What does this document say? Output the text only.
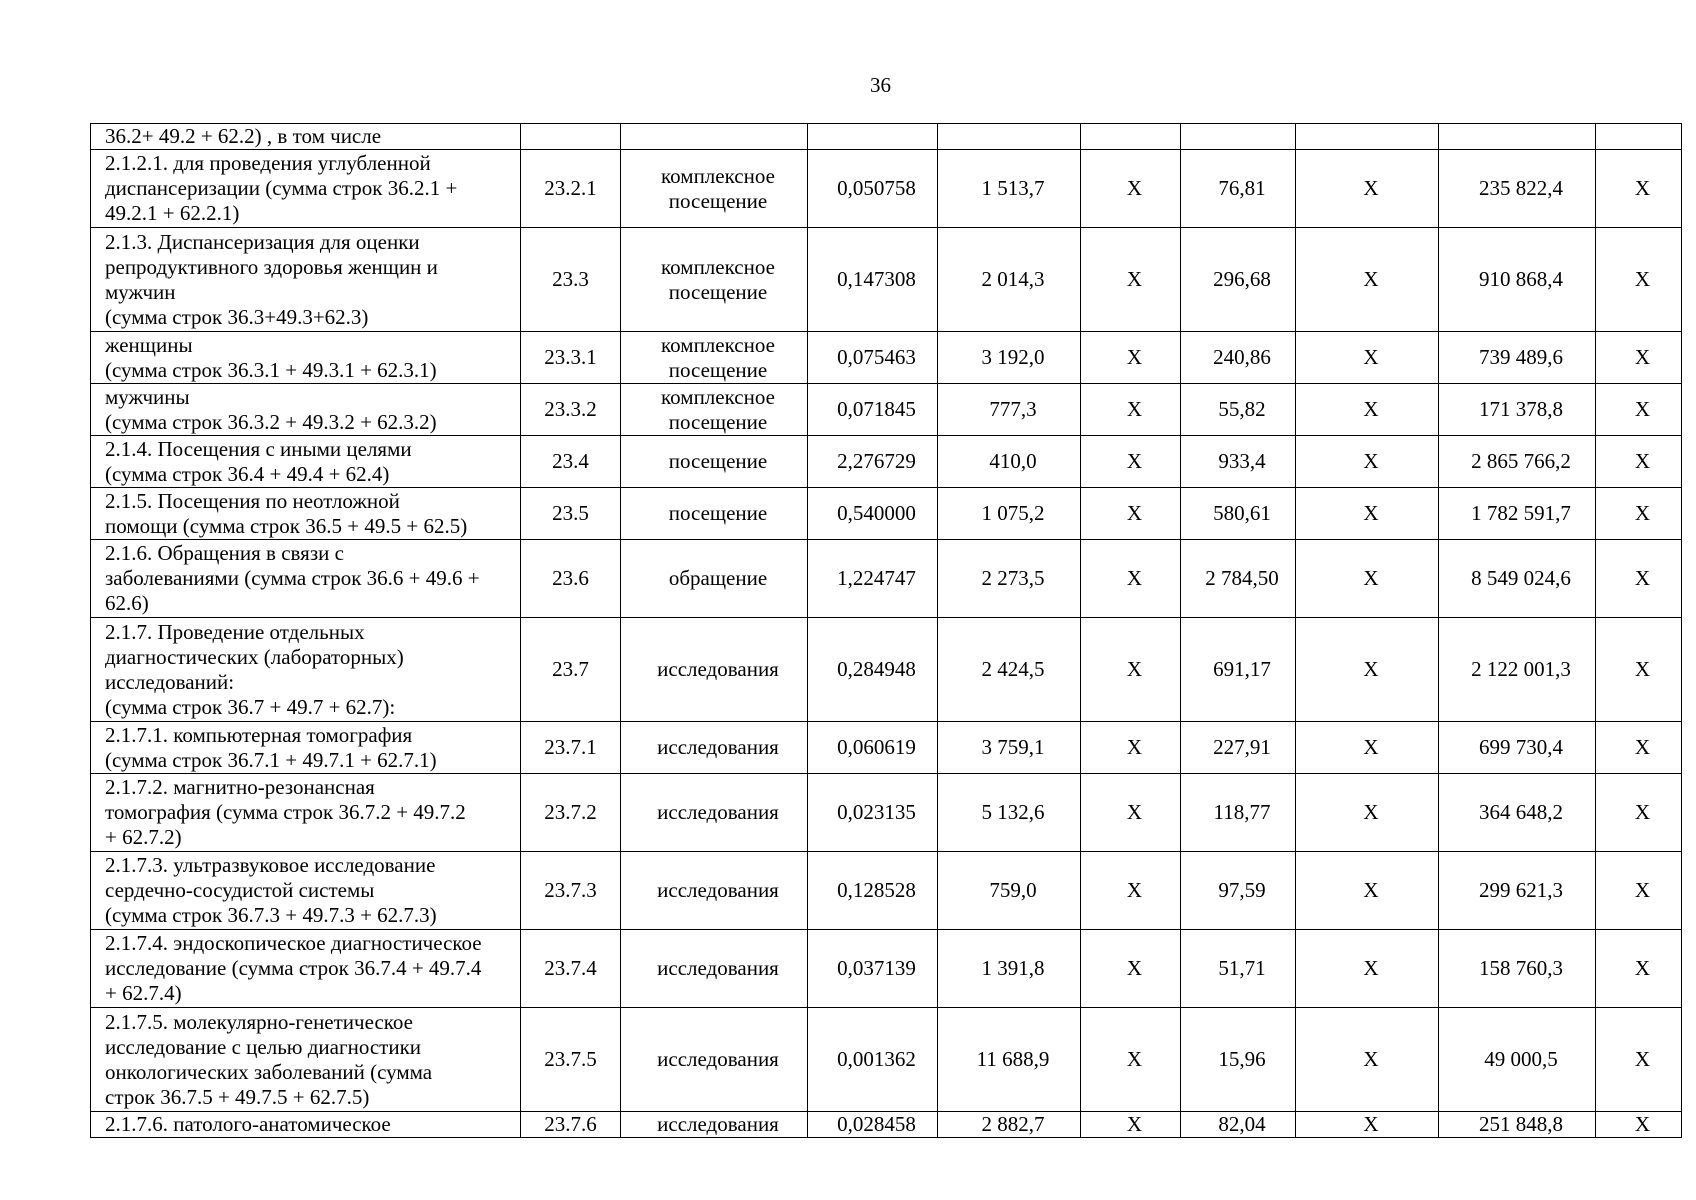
36
36.2+ 49.2 + 62.2) , в том числе									
2.1.2.1. для проведения углубленной
диспансеризации (сумма строк 36.2.1 +
49.2.1 + 62.2.1)	23.2.1	комплексное
посещение	0,050758	1 513,7	Х	76,81	Х	235 822,4	Х
2.1.3. Диспансеризация для оценки
репродуктивного здоровья женщин и
мужчин
(сумма строк 36.3+49.3+62.3)	23.3	комплексное
посещение	0,147308	2 014,3	Х	296,68	Х	910 868,4	Х
женщины
(сумма строк 36.3.1 + 49.3.1 + 62.3.1)	23.3.1	комплексное
посещение	0,075463	3 192,0	Х	240,86	Х	739 489,6	Х
мужчины
(сумма строк 36.3.2 + 49.3.2 + 62.3.2)	23.3.2	комплексное
посещение	0,071845	777,3	Х	55,82	Х	171 378,8	Х
2.1.4. Посещения с иными целями
(сумма строк 36.4 + 49.4 + 62.4)	23.4	посещение	2,276729	410,0	Х	933,4	Х	2 865 766,2	Х
2.1.5. Посещения по неотложной
помощи (сумма строк 36.5 + 49.5 + 62.5)	23.5	посещение	0,540000	1 075,2	Х	580,61	Х	1 782 591,7	Х
2.1.6. Обращения в связи с
заболеваниями (сумма строк 36.6 + 49.6 +
62.6)	23.6	обращение	1,224747	2 273,5	Х	2 784,50	Х	8 549 024,6	Х
2.1.7. Проведение отдельных
диагностических (лабораторных)
исследований:
(сумма строк 36.7 + 49.7 + 62.7):	23.7	исследования	0,284948	2 424,5	Х	691,17	Х	2 122 001,3	Х
2.1.7.1. компьютерная томография
(сумма строк 36.7.1 + 49.7.1 + 62.7.1)	23.7.1	исследования	0,060619	3 759,1	Х	227,91	Х	699 730,4	Х
2.1.7.2. магнитно-резонансная
томография (сумма строк 36.7.2 + 49.7.2
+ 62.7.2)	23.7.2	исследования	0,023135	5 132,6	Х	118,77	Х	364 648,2	Х
2.1.7.3. ультразвуковое исследование
сердечно-сосудистой системы
(сумма строк 36.7.3 + 49.7.3 + 62.7.3)	23.7.3	исследования	0,128528	759,0	Х	97,59	Х	299 621,3	Х
2.1.7.4. эндоскопическое диагностическое
исследование (сумма строк 36.7.4 + 49.7.4
+ 62.7.4)	23.7.4	исследования	0,037139	1 391,8	Х	51,71	Х	158 760,3	Х
2.1.7.5. молекулярно-генетическое
исследование с целью диагностики
онкологических заболеваний (сумма
строк 36.7.5 + 49.7.5 + 62.7.5)	23.7.5	исследования	0,001362	11 688,9	Х	15,96	Х	49 000,5	Х
2.1.7.6. патолого-анатомическое	23.7.6	исследования	0,028458	2 882,7	Х	82,04	Х	251 848,8	Х
